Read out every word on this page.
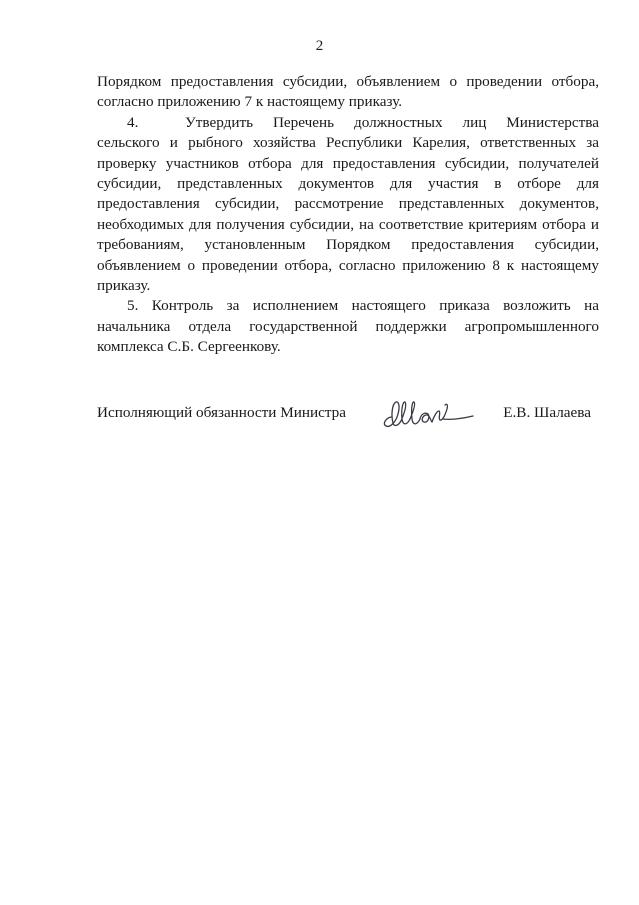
2

Порядком предоставления субсидии, объявлением о проведении отбора, согласно приложению 7 к настоящему приказу.

4.	Утвердить Перечень должностных лиц Министерства сельского и рыбного хозяйства Республики Карелия, ответственных за проверку участников отбора для предоставления субсидии, получателей субсидии, представленных документов для участия в отборе для предоставления субсидии, рассмотрение представленных документов, необходимых для получения субсидии, на соответствие критериям отбора и требованиям, установленным Порядком предоставления субсидии, объявлением о проведении отбора, согласно приложению 8 к настоящему приказу.

5. Контроль за исполнением настоящего приказа возложить на начальника отдела государственной поддержки агропромышленного комплекса С.Б. Сергеенкову.

Исполняющий обязанности Министра	Е.В. Шалаева
